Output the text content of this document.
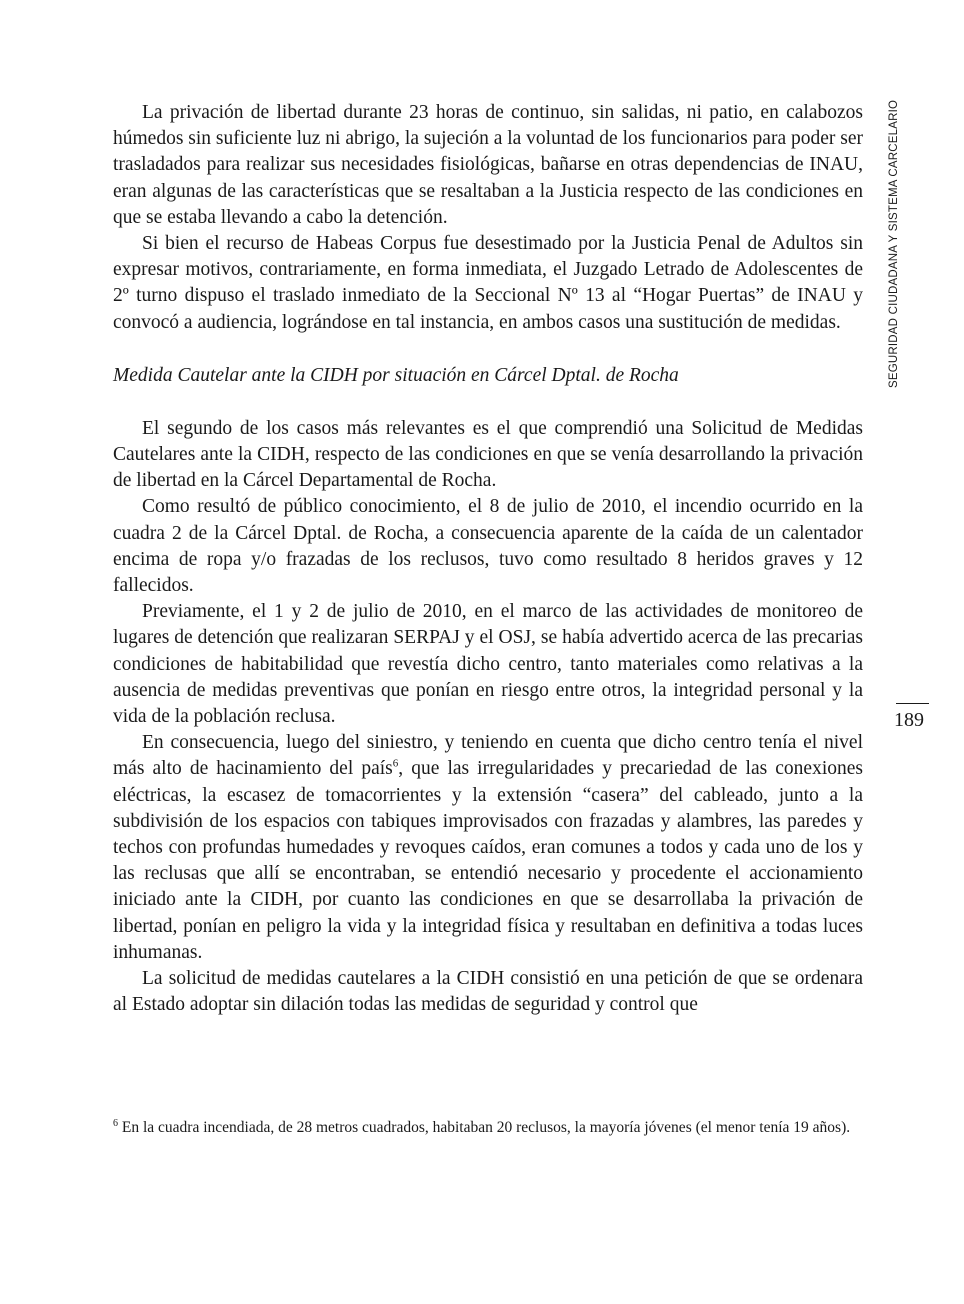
SEGURIDAD CIUDADANA Y SISTEMA CARCELARIO

La privación de libertad durante 23 horas de continuo, sin salidas, ni patio, en calabozos húmedos sin suficiente luz ni abrigo, la sujeción a la voluntad de los funcionarios para poder ser trasladados para realizar sus necesidades fisiológicas, bañarse en otras dependencias de INAU, eran algunas de las características que se resaltaban a la Justicia respecto de las condiciones en que se estaba llevando a cabo la detención.

Si bien el recurso de Habeas Corpus fue desestimado por la Justicia Penal de Adultos sin expresar motivos, contrariamente, en forma inmediata, el Juzgado Letrado de Adolescentes de 2º turno dispuso el traslado inmediato de la Seccional Nº 13 al “Hogar Puertas” de INAU y convocó a audiencia, lográndose en tal instancia, en ambos casos una sustitución de medidas.

Medida Cautelar ante la CIDH por situación en Cárcel Dptal. de Rocha

El segundo de los casos más relevantes es el que comprendió una Solicitud de Medidas Cautelares ante la CIDH, respecto de las condiciones en que se venía desarrollando la privación de libertad en la Cárcel Departamental de Rocha.

Como resultó de público conocimiento, el 8 de julio de 2010, el incendio ocurrido en la cuadra 2 de la Cárcel Dptal. de Rocha, a consecuencia aparente de la caída de un calentador encima de ropa y/o frazadas de los reclusos, tuvo como resultado 8 heridos graves y 12 fallecidos.

Previamente, el 1 y 2 de julio de 2010, en el marco de las actividades de monitoreo de lugares de detención que realizaran SERPAJ y el OSJ, se había advertido acerca de las precarias condiciones de habitabilidad que revestía dicho centro, tanto materiales como relativas a la ausencia de medidas preventivas que ponían en riesgo entre otros, la integridad personal y la vida de la población reclusa.

En consecuencia, luego del siniestro, y teniendo en cuenta que dicho centro tenía el nivel más alto de hacinamiento del país$^6$, que las irregularidades y precariedad de las conexiones eléctricas, la escasez de tomacorrientes y la extensión “casera” del cableado, junto a la subdivisión de los espacios con tabiques improvisados con frazadas y alambres, las paredes y techos con profundas humedades y revoques caídos, eran comunes a todos y cada uno de los y las reclusas que allí se encontraban, se entendió necesario y procedente el accionamiento iniciado ante la CIDH, por cuanto las condiciones en que se desarrollaba la privación de libertad, ponían en peligro la vida y la integridad física y resultaban en definitiva a todas luces inhumanas.

La solicitud de medidas cautelares a la CIDH consistió en una petición de que se ordenara al Estado adoptar sin dilación todas las medidas de seguridad y control que

189
$^6$ En la cuadra incendiada, de 28 metros cuadrados, habitaban 20 reclusos, la mayoría jóvenes (el menor tenía 19 años).
